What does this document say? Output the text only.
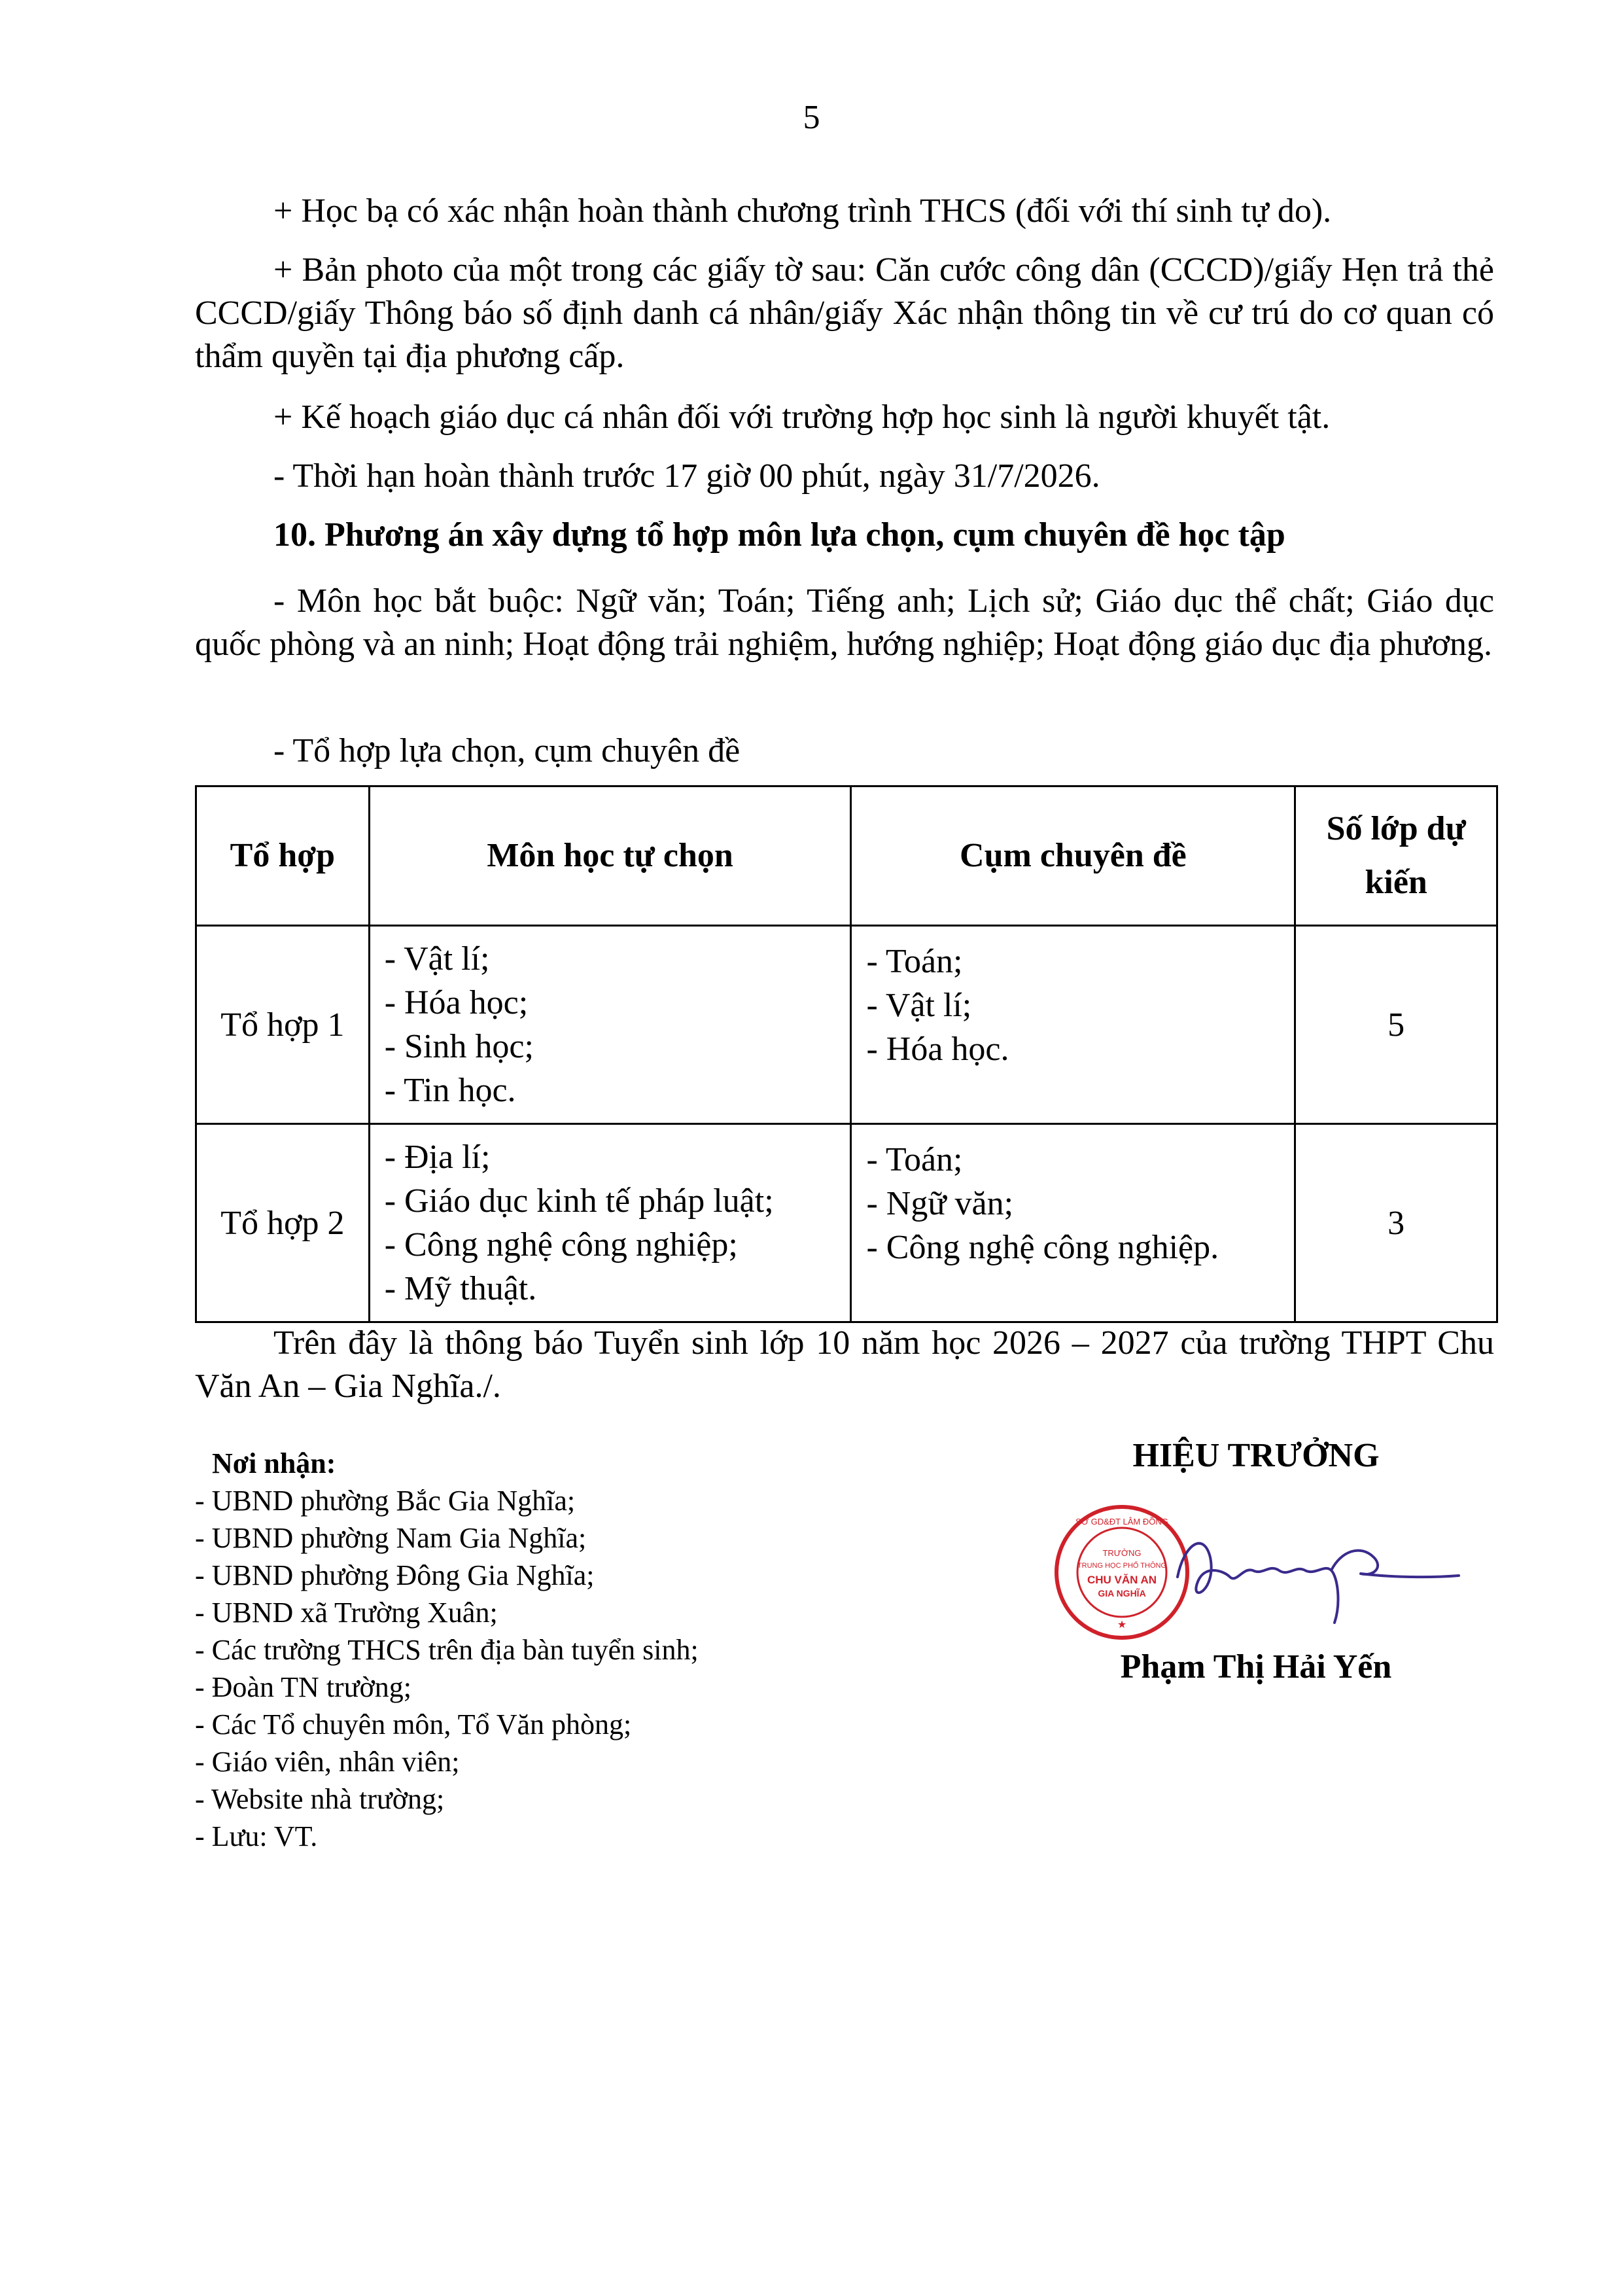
5

+ Học bạ có xác nhận hoàn thành chương trình THCS (đối với thí sinh tự do).

+ Bản photo của một trong các giấy tờ sau: Căn cước công dân (CCCD)/giấy Hẹn trả thẻ CCCD/giấy Thông báo số định danh cá nhân/giấy Xác nhận thông tin về cư trú do cơ quan có thẩm quyền tại địa phương cấp.

+ Kế hoạch giáo dục cá nhân đối với trường hợp học sinh là người khuyết tật.

- Thời hạn hoàn thành trước 17 giờ 00 phút, ngày 31/7/2026.

10. Phương án xây dựng tổ hợp môn lựa chọn, cụm chuyên đề học tập

- Môn học bắt buộc: Ngữ văn; Toán; Tiếng anh; Lịch sử; Giáo dục thể chất; Giáo dục quốc phòng và an ninh; Hoạt động trải nghiệm, hướng nghiệp; Hoạt động giáo dục địa phương.

- Tổ hợp lựa chọn, cụm chuyên đề

Tổ hợp	Môn học tự chọn	Cụm chuyên đề	Số lớp dự kiến
Tổ hợp 1	- Vật lí;
- Hóa học;
- Sinh học;
- Tin học.	- Toán;
- Vật lí;
- Hóa học.	5
Tổ hợp 2	- Địa lí;
- Giáo dục kinh tế pháp luật;
- Công nghệ công nghiệp;
- Mỹ thuật.	- Toán;
- Ngữ văn;
- Công nghệ công nghiệp.	3

Trên đây là thông báo Tuyển sinh lớp 10 năm học 2026 – 2027 của trường THPT Chu Văn An – Gia Nghĩa./.

Nơi nhận:
- UBND phường Bắc Gia Nghĩa;
- UBND phường Nam Gia Nghĩa;
- UBND phường Đông Gia Nghĩa;
- UBND xã Trường Xuân;
- Các trường THCS trên địa bàn tuyển sinh;
- Đoàn TN trường;
- Các Tổ chuyên môn, Tổ Văn phòng;
- Giáo viên, nhân viên;
- Website nhà trường;
- Lưu: VT.
HIỆU TRƯỞNG
SỞ GD&ĐT LÂM ĐỒNG
TRƯỜNG
TRUNG HỌC PHỔ THÔNG
CHU VĂN AN
GIA NGHĨA
★
Phạm Thị Hải Yến
